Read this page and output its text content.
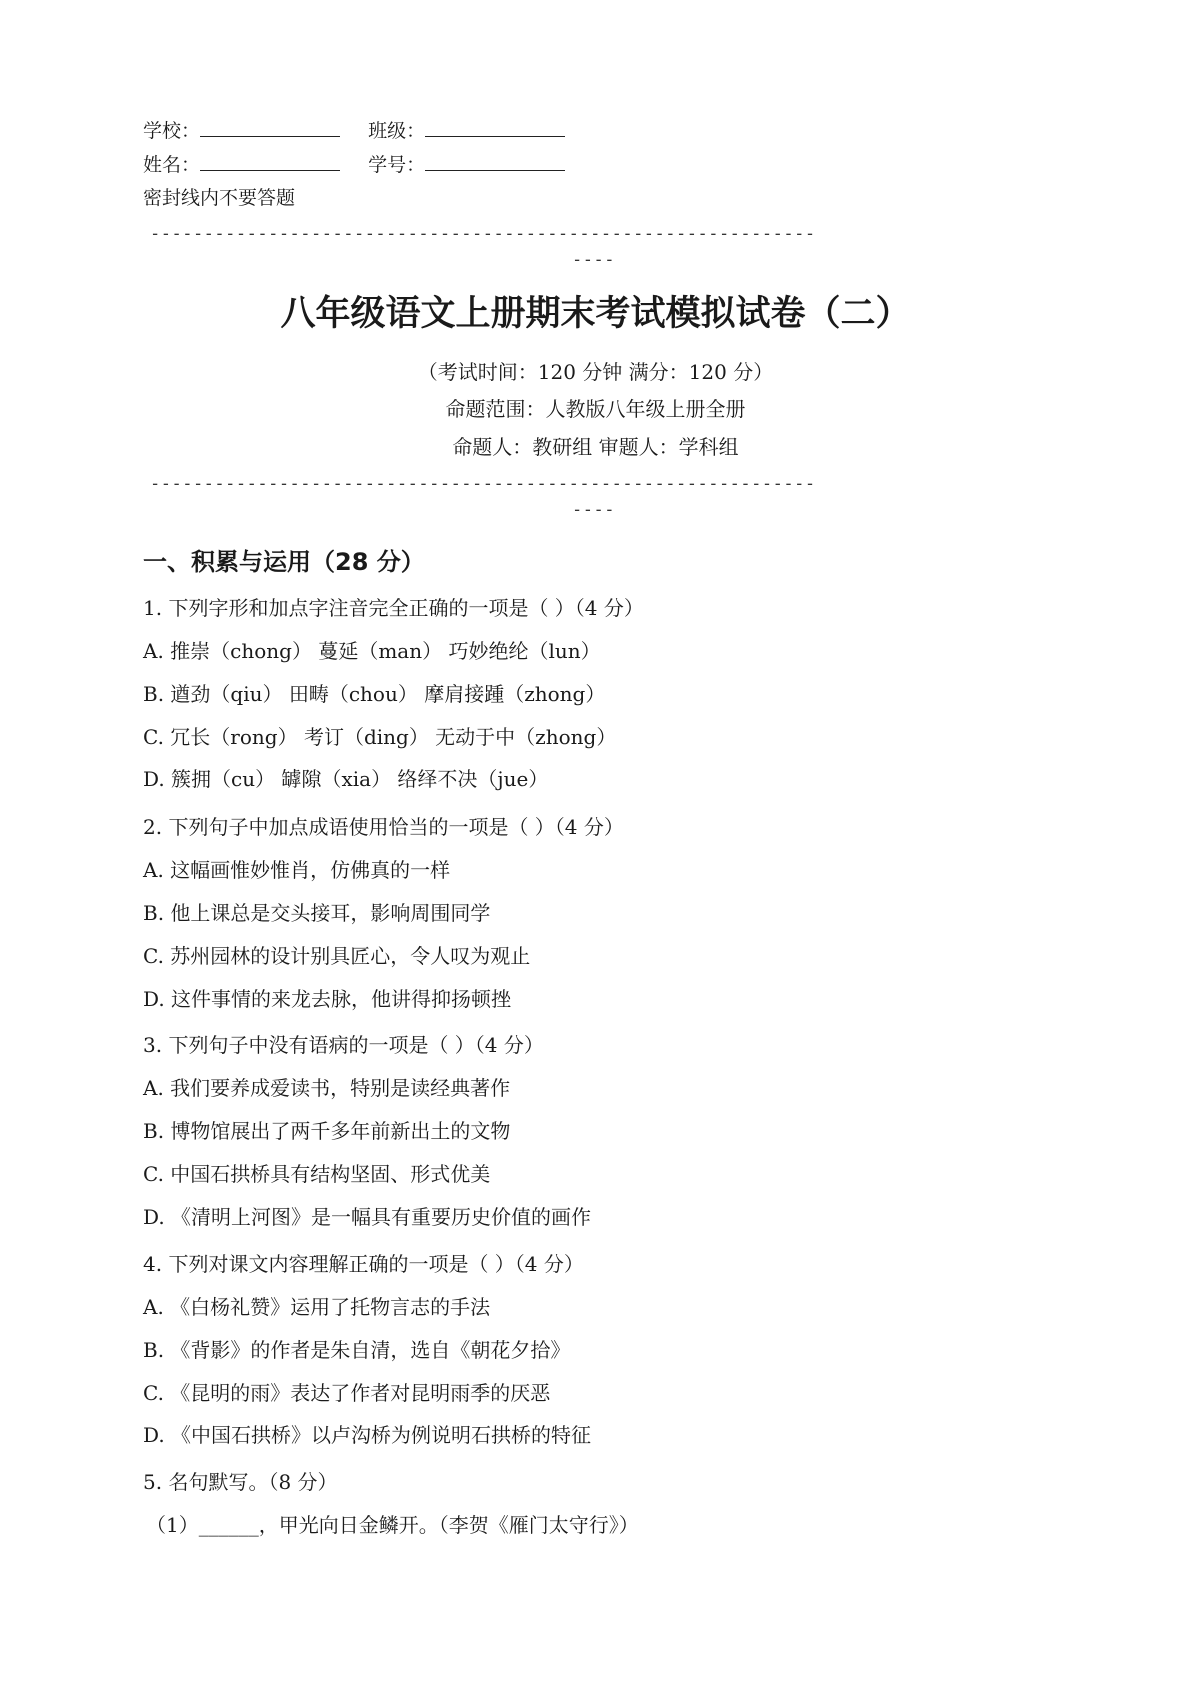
学校：	班级：
姓名：	学号：
密封线内不要答题
--------------------------------------------------------------
----
八年级语文上册期末考试模拟试卷（二）
（考试时间：120 分钟 满分：120 分）
命题范围：人教版八年级上册全册
命题人：教研组 审题人：学科组
--------------------------------------------------------------
----
一、积累与运用（28 分）
1. 下列字形和加点字注音完全正确的一项是（ ）（4 分）
A. 推崇（chong） 蔓延（man） 巧妙绝纶（lun）
B. 遒劲（qiu） 田畴（chou） 摩肩接踵（zhong）
C. 冗长（rong） 考订（ding） 无动于中（zhong）
D. 簇拥（cu） 罅隙（xia） 络绎不决（jue）
2. 下列句子中加点成语使用恰当的一项是（ ）（4 分）
A. 这幅画惟妙惟肖，仿佛真的一样
B. 他上课总是交头接耳，影响周围同学
C. 苏州园林的设计别具匠心，令人叹为观止
D. 这件事情的来龙去脉，他讲得抑扬顿挫
3. 下列句子中没有语病的一项是（ ）（4 分）
A. 我们要养成爱读书，特别是读经典著作
B. 博物馆展出了两千多年前新出土的文物
C. 中国石拱桥具有结构坚固、形式优美
D. 《清明上河图》是一幅具有重要历史价值的画作
4. 下列对课文内容理解正确的一项是（ ）（4 分）
A. 《白杨礼赞》运用了托物言志的手法
B. 《背影》的作者是朱自清，选自《朝花夕拾》
C. 《昆明的雨》表达了作者对昆明雨季的厌恶
D. 《中国石拱桥》以卢沟桥为例说明石拱桥的特征
5. 名句默写。（8 分）
（1）______，甲光向日金鳞开。（李贺《雁门太守行》）
